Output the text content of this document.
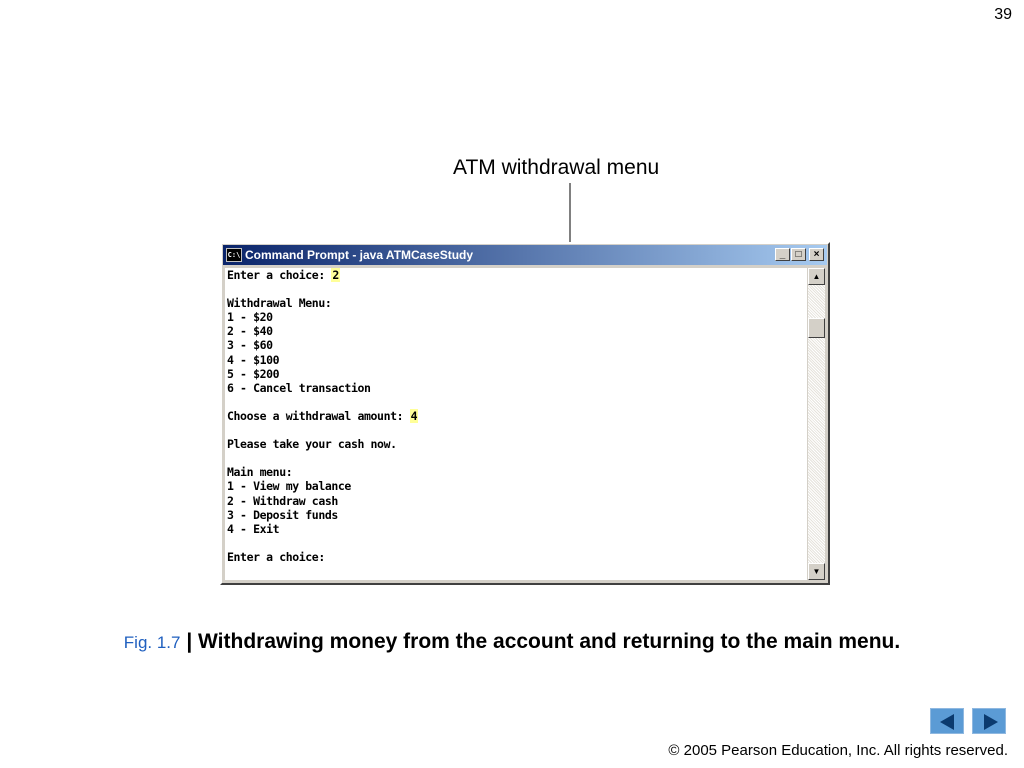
39
ATM withdrawal menu
C:\ Command Prompt - java ATMCaseStudy	_	□	×
Enter a choice: 2
Withdrawal Menu:
1 - $20
2 - $40
3 - $60
4 - $100
5 - $200
6 - Cancel transaction
Choose a withdrawal amount: 4
Please take your cash now.
Main menu:
1 - View my balance
2 - Withdraw cash
3 - Deposit funds
4 - Exit
Enter a choice:
▲
▼
Fig. 1.7 | Withdrawing money from the account and returning to the main menu.
© 2005 Pearson Education, Inc. All rights reserved.
